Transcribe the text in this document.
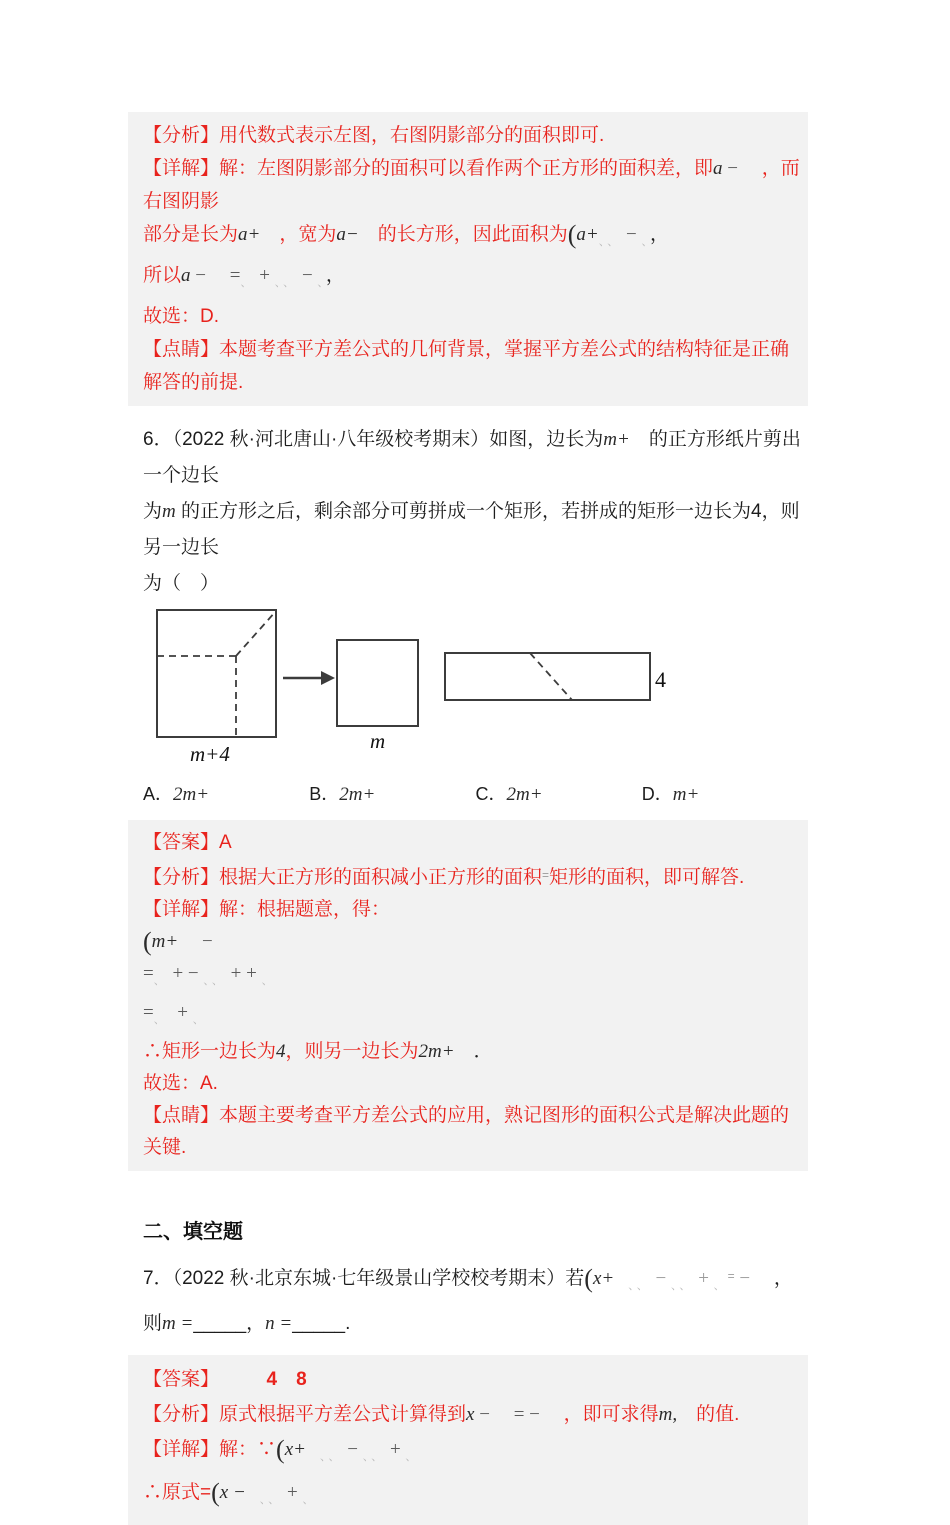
【分析】用代数式表示左图，右图阴影部分的面积即可.
【详解】解：左图阴影部分的面积可以看作两个正方形的面积差，即a − 　，而右图阴影
部分是长为a+　 ，宽为a−　 的长方形，因此面积为($a+_{、、} - _、$，
所以a − 　$=_、 + _{、、} - _、$，
故选：D.
【点睛】本题考查平方差公式的几何背景，掌握平方差公式的结构特征是正确解答的前提.
6．（2022 秋·河北唐山·八年级校考期末）如图，边长为m+　 的正方形纸片剪出一个边长
为m 的正方形之后，剩余部分可剪拼成一个矩形，若拼成的矩形一边长为4，则另一边长
为（　）
m+4
m
4
A．2m+	B．2m+	C．2m+	D．m+
【答案】A
【分析】根据大正方形的面积减小正方形的面积=矩形的面积，即可解答.
【详解】解：根据题意，得：
(m+　 −
$=_、$ + − $_{、、}$ + + $_、$
$=_、 + _、$
∴矩形一边长为4，则另一边长为2m+　 ．
故选：A.
【点睛】本题主要考查平方差公式的应用，熟记图形的面积公式是解决此题的关键.
二、填空题
7．（2022 秋·北京东城·七年级景山学校校考期末）若(x+　$_{、、}$ − $_{、、}$ + $_、$= − 　，
则m =_____，n =_____.
【答案】　　　	4　 8
【分析】原式根据平方差公式计算得到x − 　= − 　，即可求得m,　 的值.
【详解】解：∵(x+　$_{、、}$ − $_{、、}$ + $_、$
∴原式=(x −　$_{、、}$ + $_、$
